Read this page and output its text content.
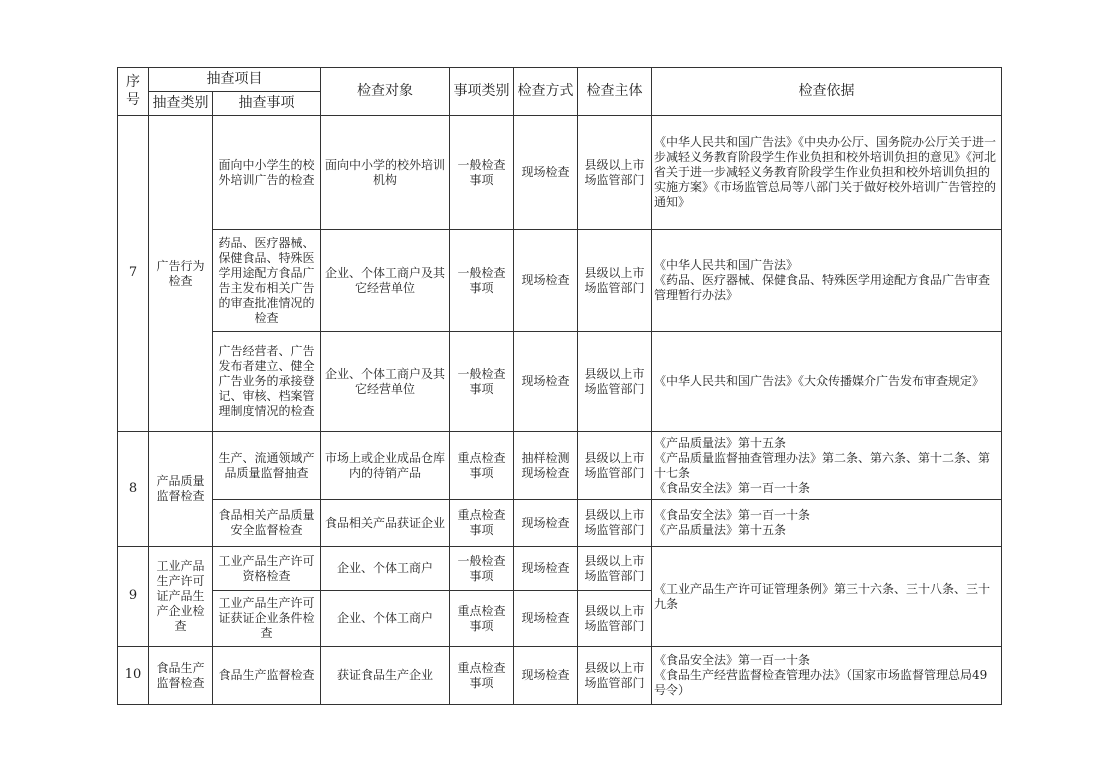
序号	抽查项目		检查对象	事项类别	检查方式	检查主体	检查依据
	抽查类别	抽查事项					
7	广告行为检查	面向中小学生的校外培训广告的检查	面向中小学的校外培训机构	一般检查事项	现场检查	县级以上市场监管部门	《中华人民共和国广告法》《中央办公厅、国务院办公厅关于进一步减轻义务教育阶段学生作业负担和校外培训负担的意见》《河北省关于进一步减轻义务教育阶段学生作业负担和校外培训负担的实施方案》《市场监管总局等八部门关于做好校外培训广告管控的通知》

		药品、医疗器械、保健食品、特殊医学用途配方食品广告主发布相关广告的审查批准情况的检查	企业、个体工商户及其它经营单位	一般检查事项	现场检查	县级以上市场监管部门	《中华人民共和国广告法》
《药品、医疗器械、保健食品、特殊医学用途配方食品广告审查管理暂行办法》

		广告经营者、广告发布者建立、健全广告业务的承接登记、审核、档案管理制度情况的检查	企业、个体工商户及其它经营单位	一般检查事项	现场检查	县级以上市场监管部门	《中华人民共和国广告法》《大众传播媒介广告发布审查规定》

8	产品质量监督检查	生产、流通领域产品质量监督抽查	市场上或企业成品仓库内的待销产品	重点检查事项	抽样检测现场检查	县级以上市场监管部门	《产品质量法》第十五条
《产品质量监督抽查管理办法》第二条、第六条、第十二条、第十七条
《食品安全法》第一百一十条

		食品相关产品质量安全监督检查	食品相关产品获证企业	重点检查事项	现场检查	县级以上市场监管部门	《食品安全法》第一百一十条
《产品质量法》第十五条

9	工业产品生产许可证产品生产企业检查	工业产品生产许可资格检查	企业、个体工商户	一般检查事项	现场检查	县级以上市场监管部门	《工业产品生产许可证管理条例》第三十六条、三十八条、三十九条

		工业产品生产许可证获证企业条件检查	企业、个体工商户	重点检查事项	现场检查	县级以上市场监管部门	
10	食品生产监督检查	食品生产监督检查	获证食品生产企业	重点检查事项	现场检查	县级以上市场监管部门	《食品安全法》第一百一十条
《食品生产经营监督检查管理办法》（国家市场监督管理总局49号令）
